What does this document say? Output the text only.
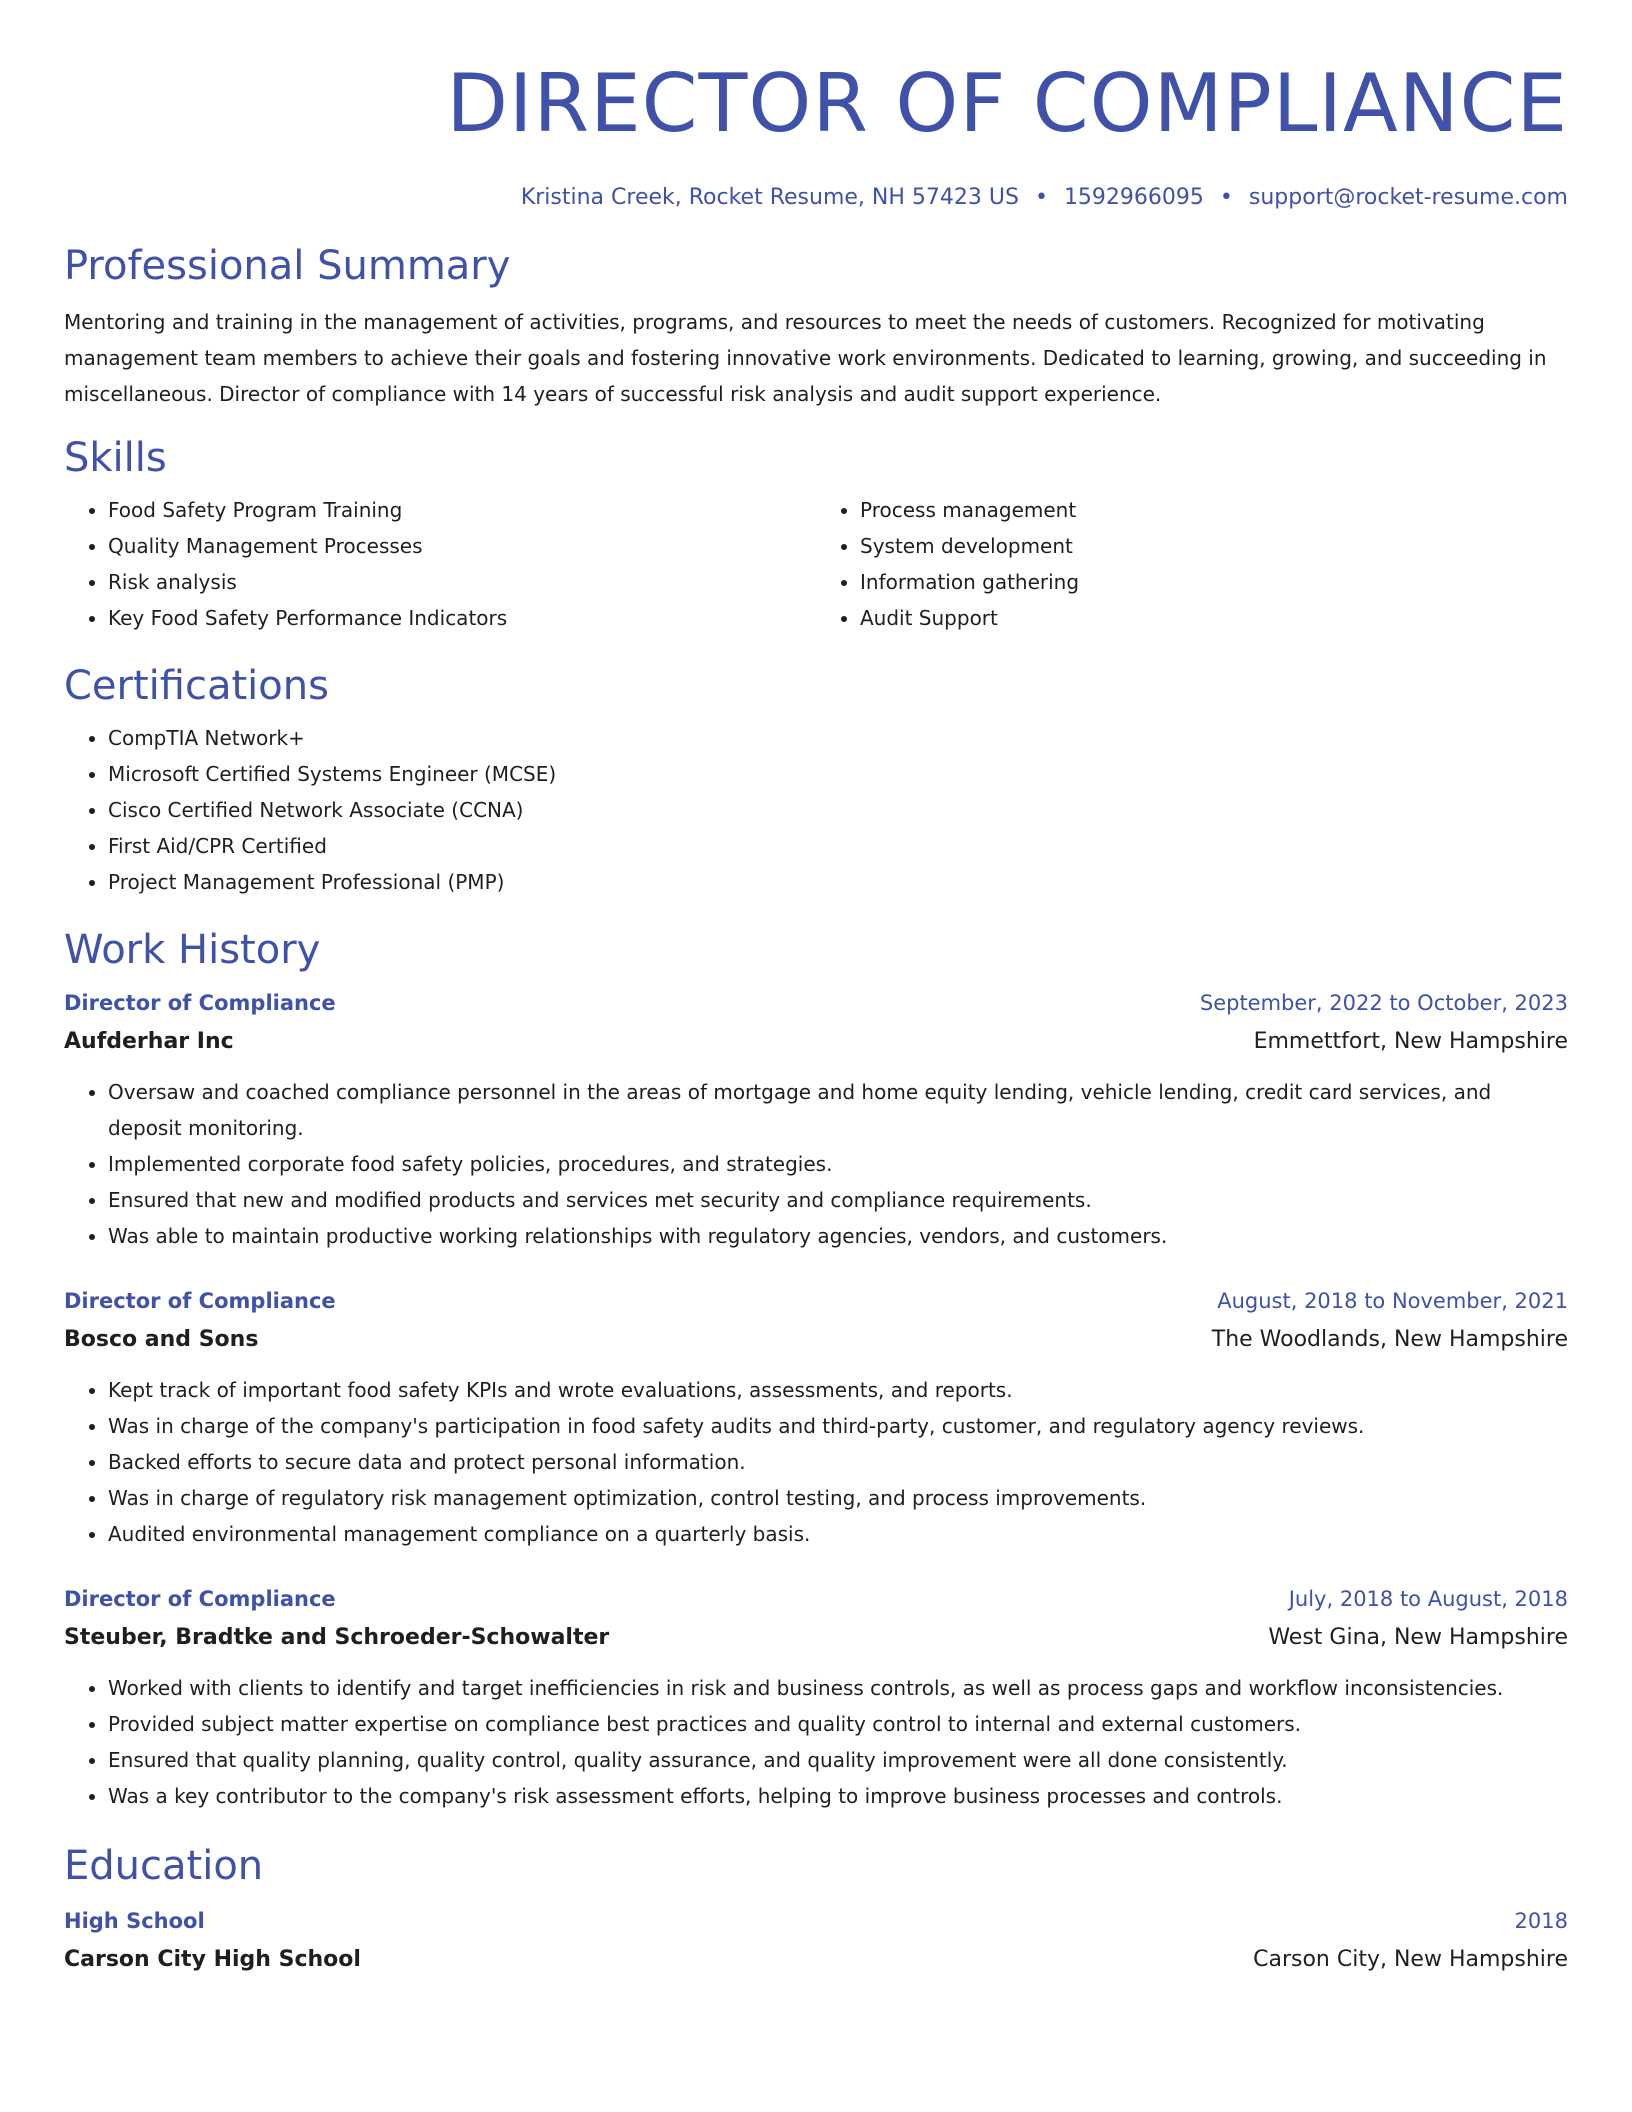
DIRECTOR OF COMPLIANCE
Kristina Creek, Rocket Resume, NH 57423 US • 1592966095 • support@rocket-resume.com
Professional Summary

Mentoring and training in the management of activities, programs, and resources to meet the needs of customers. Recognized for motivating management team members to achieve their goals and fostering innovative work environments. Dedicated to learning, growing, and succeeding in miscellaneous. Director of compliance with 14 years of successful risk analysis and audit support experience.

Skills
• Food Safety Program Training
• Quality Management Processes
• Risk analysis
• Key Food Safety Performance Indicators
• Process management
• System development
• Information gathering
• Audit Support
Certifications
• CompTIA Network+
• Microsoft Certified Systems Engineer (MCSE)
• Cisco Certified Network Associate (CCNA)
• First Aid/CPR Certified
• Project Management Professional (PMP)
Work History
Director of Compliance	September, 2022 to October, 2023
Aufderhar Inc	Emmettfort, New Hampshire
• Oversaw and coached compliance personnel in the areas of mortgage and home equity lending, vehicle lending, credit card services, and deposit monitoring.
• Implemented corporate food safety policies, procedures, and strategies.
• Ensured that new and modified products and services met security and compliance requirements.
• Was able to maintain productive working relationships with regulatory agencies, vendors, and customers.
Director of Compliance	August, 2018 to November, 2021
Bosco and Sons	The Woodlands, New Hampshire
• Kept track of important food safety KPIs and wrote evaluations, assessments, and reports.
• Was in charge of the company's participation in food safety audits and third-party, customer, and regulatory agency reviews.
• Backed efforts to secure data and protect personal information.
• Was in charge of regulatory risk management optimization, control testing, and process improvements.
• Audited environmental management compliance on a quarterly basis.
Director of Compliance	July, 2018 to August, 2018
Steuber, Bradtke and Schroeder-Schowalter	West Gina, New Hampshire
• Worked with clients to identify and target inefficiencies in risk and business controls, as well as process gaps and workflow inconsistencies.
• Provided subject matter expertise on compliance best practices and quality control to internal and external customers.
• Ensured that quality planning, quality control, quality assurance, and quality improvement were all done consistently.
• Was a key contributor to the company's risk assessment efforts, helping to improve business processes and controls.
Education
High School	2018
Carson City High School	Carson City, New Hampshire
